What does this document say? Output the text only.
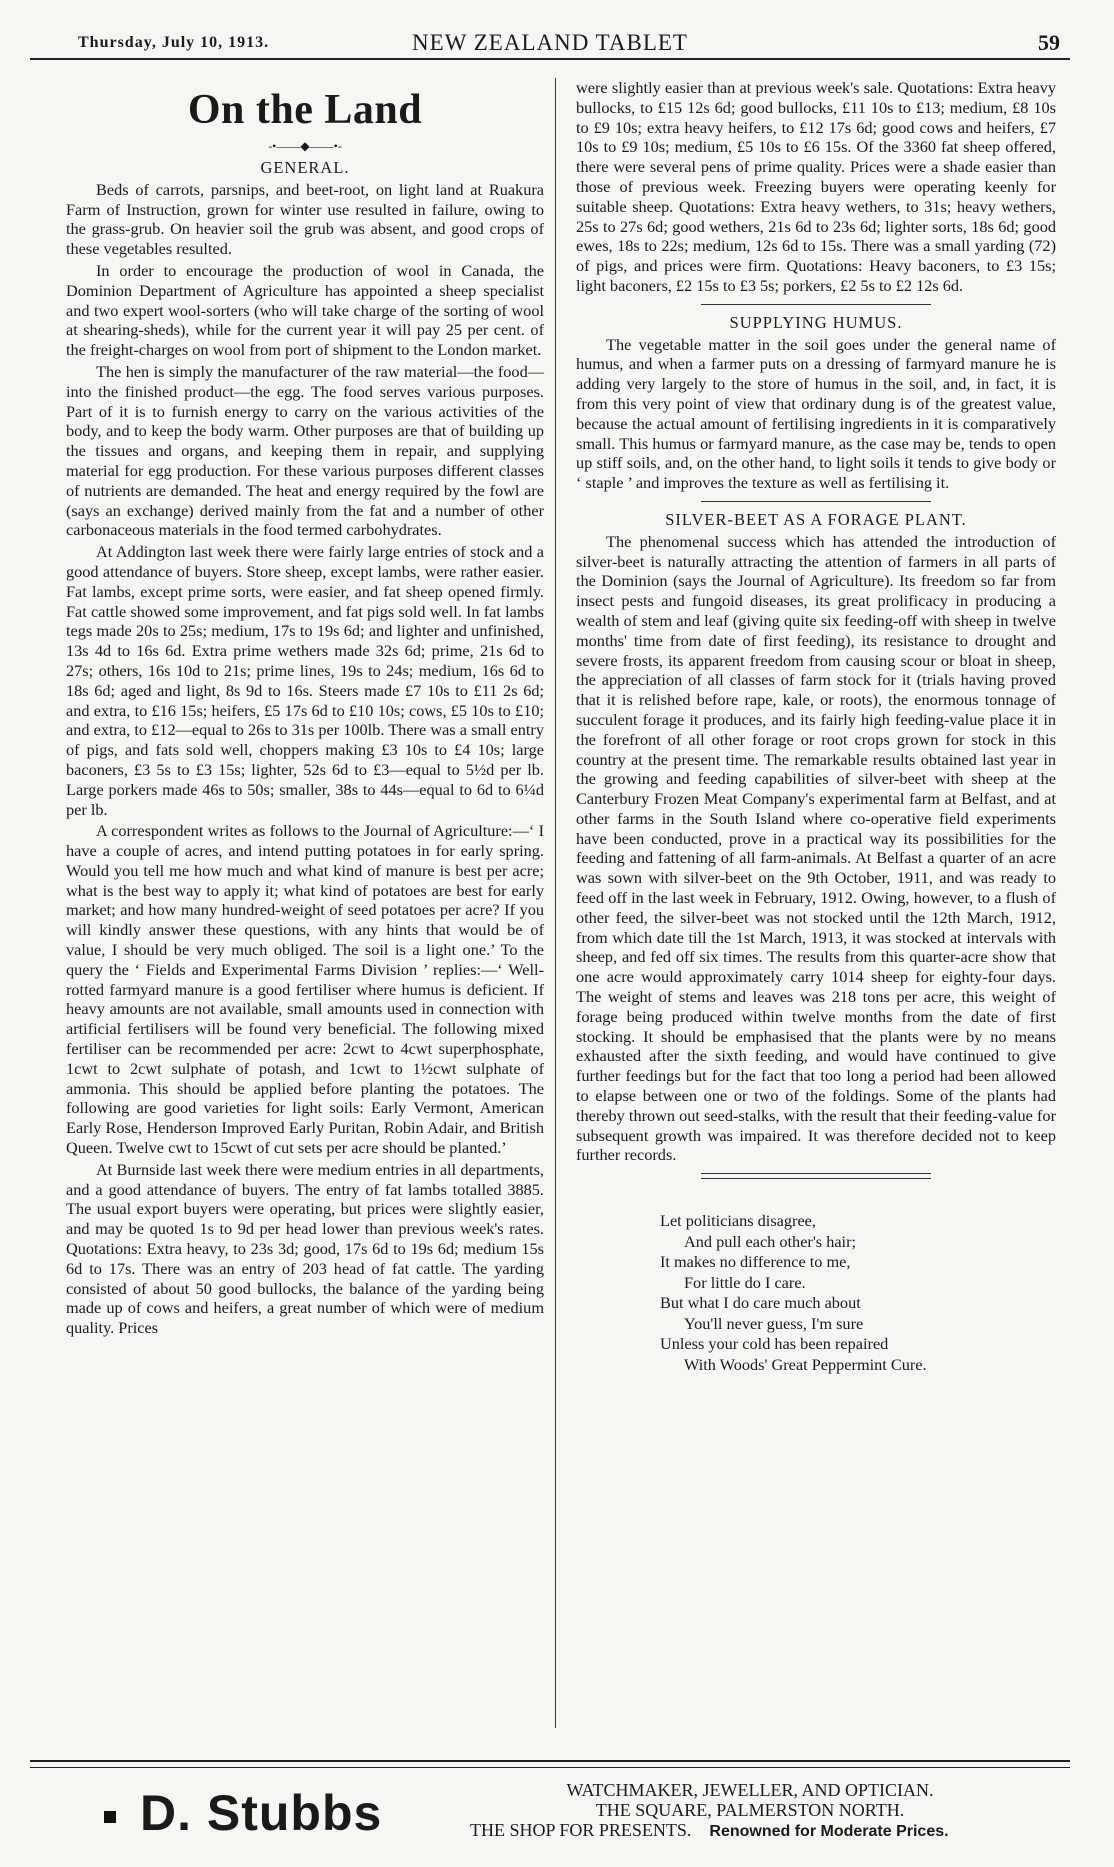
Thursday, July 10, 1913.	NEW ZEALAND TABLET	59
On the Land
-•——◆——•-
GENERAL.

Beds of carrots, parsnips, and beet-root, on light land at Ruakura Farm of Instruction, grown for winter use resulted in failure, owing to the grass-grub. On heavier soil the grub was absent, and good crops of these vegetables resulted.

In order to encourage the production of wool in Canada, the Dominion Department of Agriculture has appointed a sheep specialist and two expert wool-sorters (who will take charge of the sorting of wool at shearing-sheds), while for the current year it will pay 25 per cent. of the freight-charges on wool from port of shipment to the London market.

The hen is simply the manufacturer of the raw material—the food—into the finished product—the egg. The food serves various purposes. Part of it is to furnish energy to carry on the various activities of the body, and to keep the body warm. Other purposes are that of building up the tissues and organs, and keeping them in repair, and supplying material for egg production. For these various purposes different classes of nutrients are demanded. The heat and energy required by the fowl are (says an exchange) derived mainly from the fat and a number of other carbonaceous materials in the food termed carbohydrates.

At Addington last week there were fairly large entries of stock and a good attendance of buyers. Store sheep, except lambs, were rather easier. Fat lambs, except prime sorts, were easier, and fat sheep opened firmly. Fat cattle showed some improvement, and fat pigs sold well. In fat lambs tegs made 20s to 25s; medium, 17s to 19s 6d; and lighter and unfinished, 13s 4d to 16s 6d. Extra prime wethers made 32s 6d; prime, 21s 6d to 27s; others, 16s 10d to 21s; prime lines, 19s to 24s; medium, 16s 6d to 18s 6d; aged and light, 8s 9d to 16s. Steers made £7 10s to £11 2s 6d; and extra, to £16 15s; heifers, £5 17s 6d to £10 10s; cows, £5 10s to £10; and extra, to £12—equal to 26s to 31s per 100lb. There was a small entry of pigs, and fats sold well, choppers making £3 10s to £4 10s; large baconers, £3 5s to £3 15s; lighter, 52s 6d to £3—equal to 5½d per lb. Large porkers made 46s to 50s; smaller, 38s to 44s—equal to 6d to 6¼d per lb.

A correspondent writes as follows to the Journal of Agriculture:—‘ I have a couple of acres, and intend putting potatoes in for early spring. Would you tell me how much and what kind of manure is best per acre; what is the best way to apply it; what kind of potatoes are best for early market; and how many hundred-weight of seed potatoes per acre? If you will kindly answer these questions, with any hints that would be of value, I should be very much obliged. The soil is a light one.’ To the query the ‘ Fields and Experimental Farms Division ’ replies:—‘ Well-rotted farmyard manure is a good fertiliser where humus is deficient. If heavy amounts are not available, small amounts used in connection with artificial fertilisers will be found very beneficial. The following mixed fertiliser can be recommended per acre: 2cwt to 4cwt superphosphate, 1cwt to 2cwt sulphate of potash, and 1cwt to 1½cwt sulphate of ammonia. This should be applied before planting the potatoes. The following are good varieties for light soils: Early Vermont, American Early Rose, Henderson Improved Early Puritan, Robin Adair, and British Queen. Twelve cwt to 15cwt of cut sets per acre should be planted.’

At Burnside last week there were medium entries in all departments, and a good attendance of buyers. The entry of fat lambs totalled 3885. The usual export buyers were operating, but prices were slightly easier, and may be quoted 1s to 9d per head lower than previous week's rates. Quotations: Extra heavy, to 23s 3d; good, 17s 6d to 19s 6d; medium 15s 6d to 17s. There was an entry of 203 head of fat cattle. The yarding consisted of about 50 good bullocks, the balance of the yarding being made up of cows and heifers, a great number of which were of medium quality. Prices

were slightly easier than at previous week's sale. Quotations: Extra heavy bullocks, to £15 12s 6d; good bullocks, £11 10s to £13; medium, £8 10s to £9 10s; extra heavy heifers, to £12 17s 6d; good cows and heifers, £7 10s to £9 10s; medium, £5 10s to £6 15s. Of the 3360 fat sheep offered, there were several pens of prime quality. Prices were a shade easier than those of previous week. Freezing buyers were operating keenly for suitable sheep. Quotations: Extra heavy wethers, to 31s; heavy wethers, 25s to 27s 6d; good wethers, 21s 6d to 23s 6d; lighter sorts, 18s 6d; good ewes, 18s to 22s; medium, 12s 6d to 15s. There was a small yarding (72) of pigs, and prices were firm. Quotations: Heavy baconers, to £3 15s; light baconers, £2 15s to £3 5s; porkers, £2 5s to £2 12s 6d.

SUPPLYING HUMUS.

The vegetable matter in the soil goes under the general name of humus, and when a farmer puts on a dressing of farmyard manure he is adding very largely to the store of humus in the soil, and, in fact, it is from this very point of view that ordinary dung is of the greatest value, because the actual amount of fertilising ingredients in it is comparatively small. This humus or farmyard manure, as the case may be, tends to open up stiff soils, and, on the other hand, to light soils it tends to give body or ‘ staple ’ and improves the texture as well as fertilising it.

SILVER-BEET AS A FORAGE PLANT.

The phenomenal success which has attended the introduction of silver-beet is naturally attracting the attention of farmers in all parts of the Dominion (says the Journal of Agriculture). Its freedom so far from insect pests and fungoid diseases, its great prolificacy in producing a wealth of stem and leaf (giving quite six feeding-off with sheep in twelve months' time from date of first feeding), its resistance to drought and severe frosts, its apparent freedom from causing scour or bloat in sheep, the appreciation of all classes of farm stock for it (trials having proved that it is relished before rape, kale, or roots), the enormous tonnage of succulent forage it produces, and its fairly high feeding-value place it in the forefront of all other forage or root crops grown for stock in this country at the present time. The remarkable results obtained last year in the growing and feeding capabilities of silver-beet with sheep at the Canterbury Frozen Meat Company's experimental farm at Belfast, and at other farms in the South Island where co-operative field experiments have been conducted, prove in a practical way its possibilities for the feeding and fattening of all farm-animals. At Belfast a quarter of an acre was sown with silver-beet on the 9th October, 1911, and was ready to feed off in the last week in February, 1912. Owing, however, to a flush of other feed, the silver-beet was not stocked until the 12th March, 1912, from which date till the 1st March, 1913, it was stocked at intervals with sheep, and fed off six times. The results from this quarter-acre show that one acre would approximately carry 1014 sheep for eighty-four days. The weight of stems and leaves was 218 tons per acre, this weight of forage being produced within twelve months from the date of first stocking. It should be emphasised that the plants were by no means exhausted after the sixth feeding, and would have continued to give further feedings but for the fact that too long a period had been allowed to elapse between one or two of the foldings. Some of the plants had thereby thrown out seed-stalks, with the result that their feeding-value for subsequent growth was impaired. It was therefore decided not to keep further records.

Let politicians disagree,
And pull each other's hair;
It makes no difference to me,
For little do I care.
But what I do care much about
You'll never guess, I'm sure
Unless your cold has been repaired
With Woods' Great Peppermint Cure.
D. Stubbs	WATCHMAKER, JEWELLER, AND OPTICIAN.
THE SQUARE, PALMERSTON NORTH.
THE SHOP FOR PRESENTS. Renowned for Moderate Prices.
